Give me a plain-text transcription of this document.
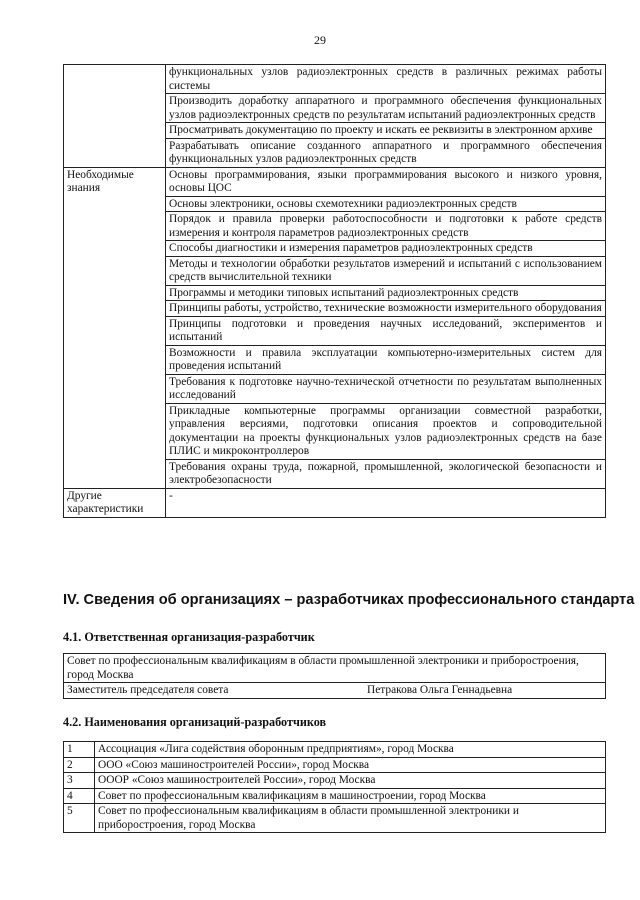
29
	функциональных узлов радиоэлектронных средств в различных режимах работы системы
	Производить доработку аппаратного и программного обеспечения функциональных узлов радиоэлектронных средств по результатам испытаний радиоэлектронных средств
	Просматривать документацию по проекту и искать ее реквизиты в электронном архиве
	Разрабатывать описание созданного аппаратного и программного обеспечения функциональных узлов радиоэлектронных средств
Необходимые знания	Основы программирования, языки программирования высокого и низкого уровня, основы ЦОС
	Основы электроники, основы схемотехники радиоэлектронных средств
	Порядок и правила проверки работоспособности и подготовки к работе средств измерения и контроля параметров радиоэлектронных средств
	Способы диагностики и измерения параметров радиоэлектронных средств
	Методы и технологии обработки результатов измерений и испытаний с использованием средств вычислительной техники
	Программы и методики типовых испытаний радиоэлектронных средств
	Принципы работы, устройство, технические возможности измерительного оборудования
	Принципы подготовки и проведения научных исследований, экспериментов и испытаний
	Возможности и правила эксплуатации компьютерно-измерительных систем для проведения испытаний
	Требования к подготовке научно-технической отчетности по результатам выполненных исследований
	Прикладные компьютерные программы организации совместной разработки, управления версиями, подготовки описания проектов и сопроводительной документации на проекты функциональных узлов радиоэлектронных средств на базе ПЛИС и микроконтроллеров
	Требования охраны труда, пожарной, промышленной, экологической безопасности и электробезопасности
Другие характеристики	-
IV. Сведения об организациях – разработчиках профессионального стандарта
4.1. Ответственная организация-разработчик
Совет по профессиональным квалификациям в области промышленной электроники и приборостроения, город Москва
Заместитель председателя совета	Петракова Ольга Геннадьевна
4.2. Наименования организаций-разработчиков
1	Ассоциация «Лига содействия оборонным предприятиям», город Москва
2	ООО «Союз машиностроителей России», город Москва
3	ОООР «Союз машиностроителей России», город Москва
4	Совет по профессиональным квалификациям в машиностроении, город Москва
5	Совет по профессиональным квалификациям в области промышленной электроники и приборостроения, город Москва
